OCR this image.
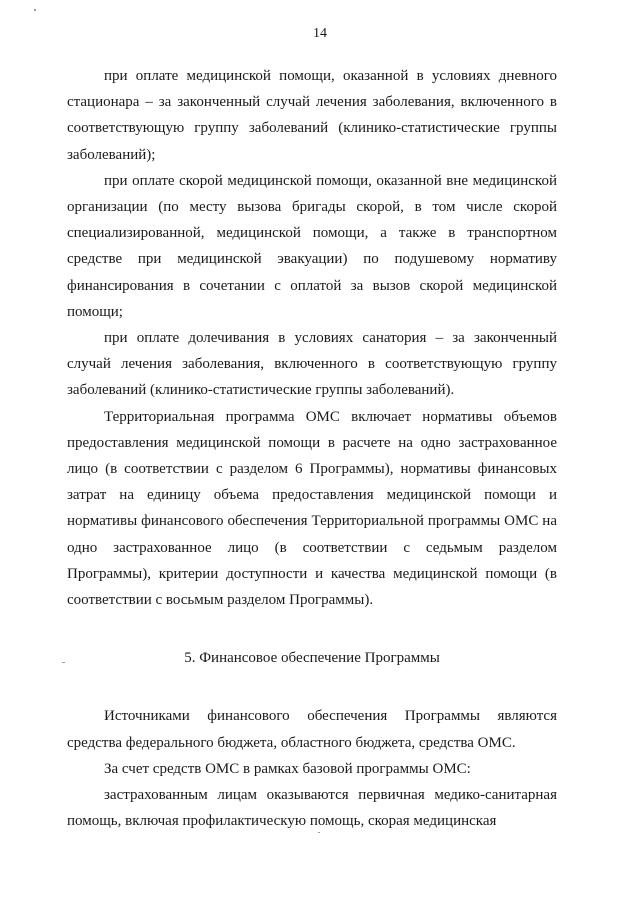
14

при оплате медицинской помощи, оказанной в условиях дневного стационара – за законченный случай лечения заболевания, включенного в соответствующую группу заболеваний (клинико-статистические группы заболеваний);

при оплате скорой медицинской помощи, оказанной вне медицинской организации (по месту вызова бригады скорой, в том числе скорой специализированной, медицинской помощи, а также в транспортном средстве при медицинской эвакуации) по подушевому нормативу финансирования в сочетании с оплатой за вызов скорой медицинской помощи;

при оплате долечивания в условиях санатория – за законченный случай лечения заболевания, включенного в соответствующую группу заболеваний (клинико-статистические группы заболеваний).

Территориальная программа ОМС включает нормативы объемов предоставления медицинской помощи в расчете на одно застрахованное лицо (в соответствии с разделом 6 Программы), нормативы финансовых затрат на единицу объема предоставления медицинской помощи и нормативы финансового обеспечения Территориальной программы ОМС на одно застрахованное лицо (в соответствии с седьмым разделом Программы), критерии доступности и качества медицинской помощи (в соответствии с восьмым разделом Программы).

5. Финансовое обеспечение Программы

Источниками финансового обеспечения Программы являются средства федерального бюджета, областного бюджета, средства ОМС.

За счет средств ОМС в рамках базовой программы ОМС:

застрахованным лицам оказываются первичная медико-санитарная помощь, включая профилактическую помощь, скорая медицинская
